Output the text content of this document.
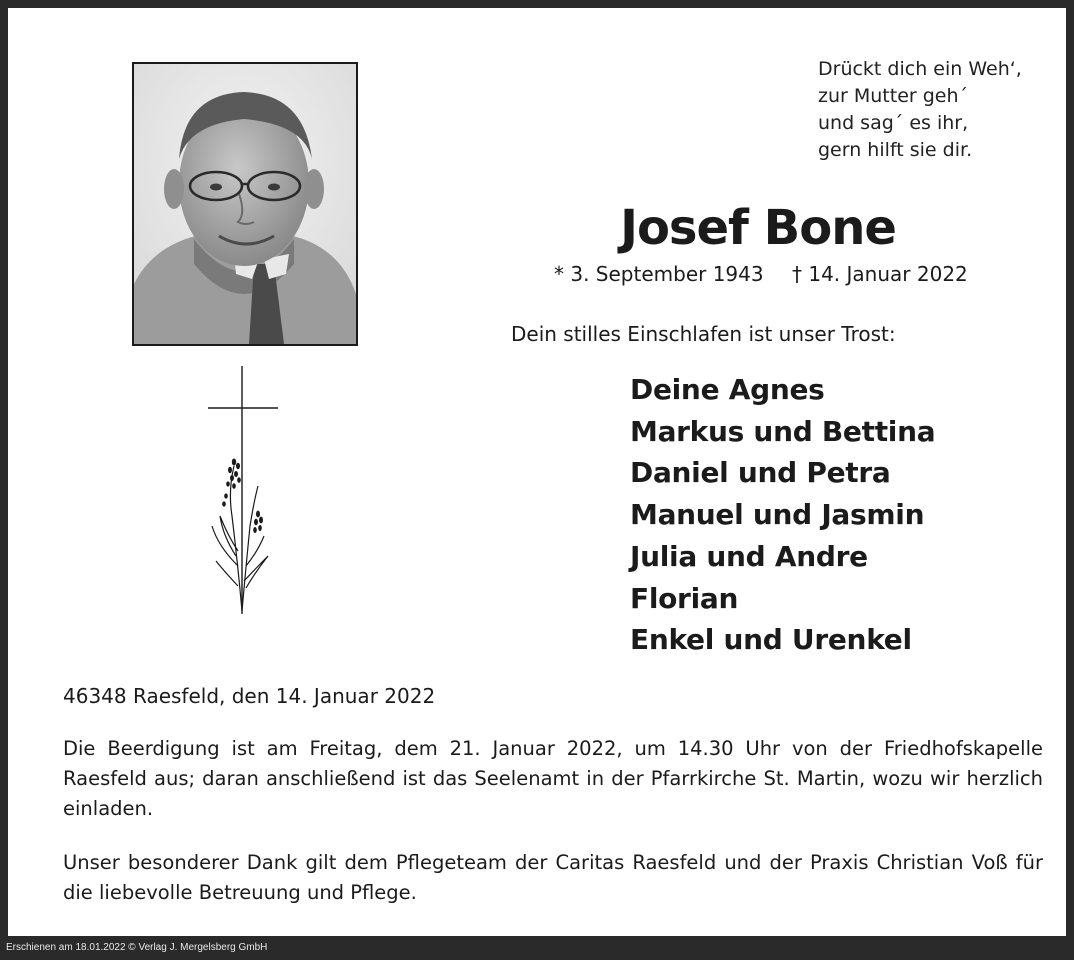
Drückt dich ein Weh‘,
zur Mutter geh´
und sag´ es ihr,
gern hilft sie dir.
Josef Bone
* 3. September 1943 † 14. Januar 2022
Dein stilles Einschlafen ist unser Trost:
Deine Agnes
Markus und Bettina
Daniel und Petra
Manuel und Jasmin
Julia und Andre
Florian
Enkel und Urenkel
46348 Raesfeld, den 14. Januar 2022
Die Beerdigung ist am Freitag, dem 21. Januar 2022, um 14.30 Uhr von der Friedhofskapelle Raesfeld aus; daran anschließend ist das Seelenamt in der Pfarrkirche St. Martin, wozu wir herzlich einladen.
Unser besonderer Dank gilt dem Pflegeteam der Caritas Raesfeld und der Praxis Christian Voß für die liebevolle Betreuung und Pflege.
Erschienen am 18.01.2022 © Verlag J. Mergelsberg GmbH
